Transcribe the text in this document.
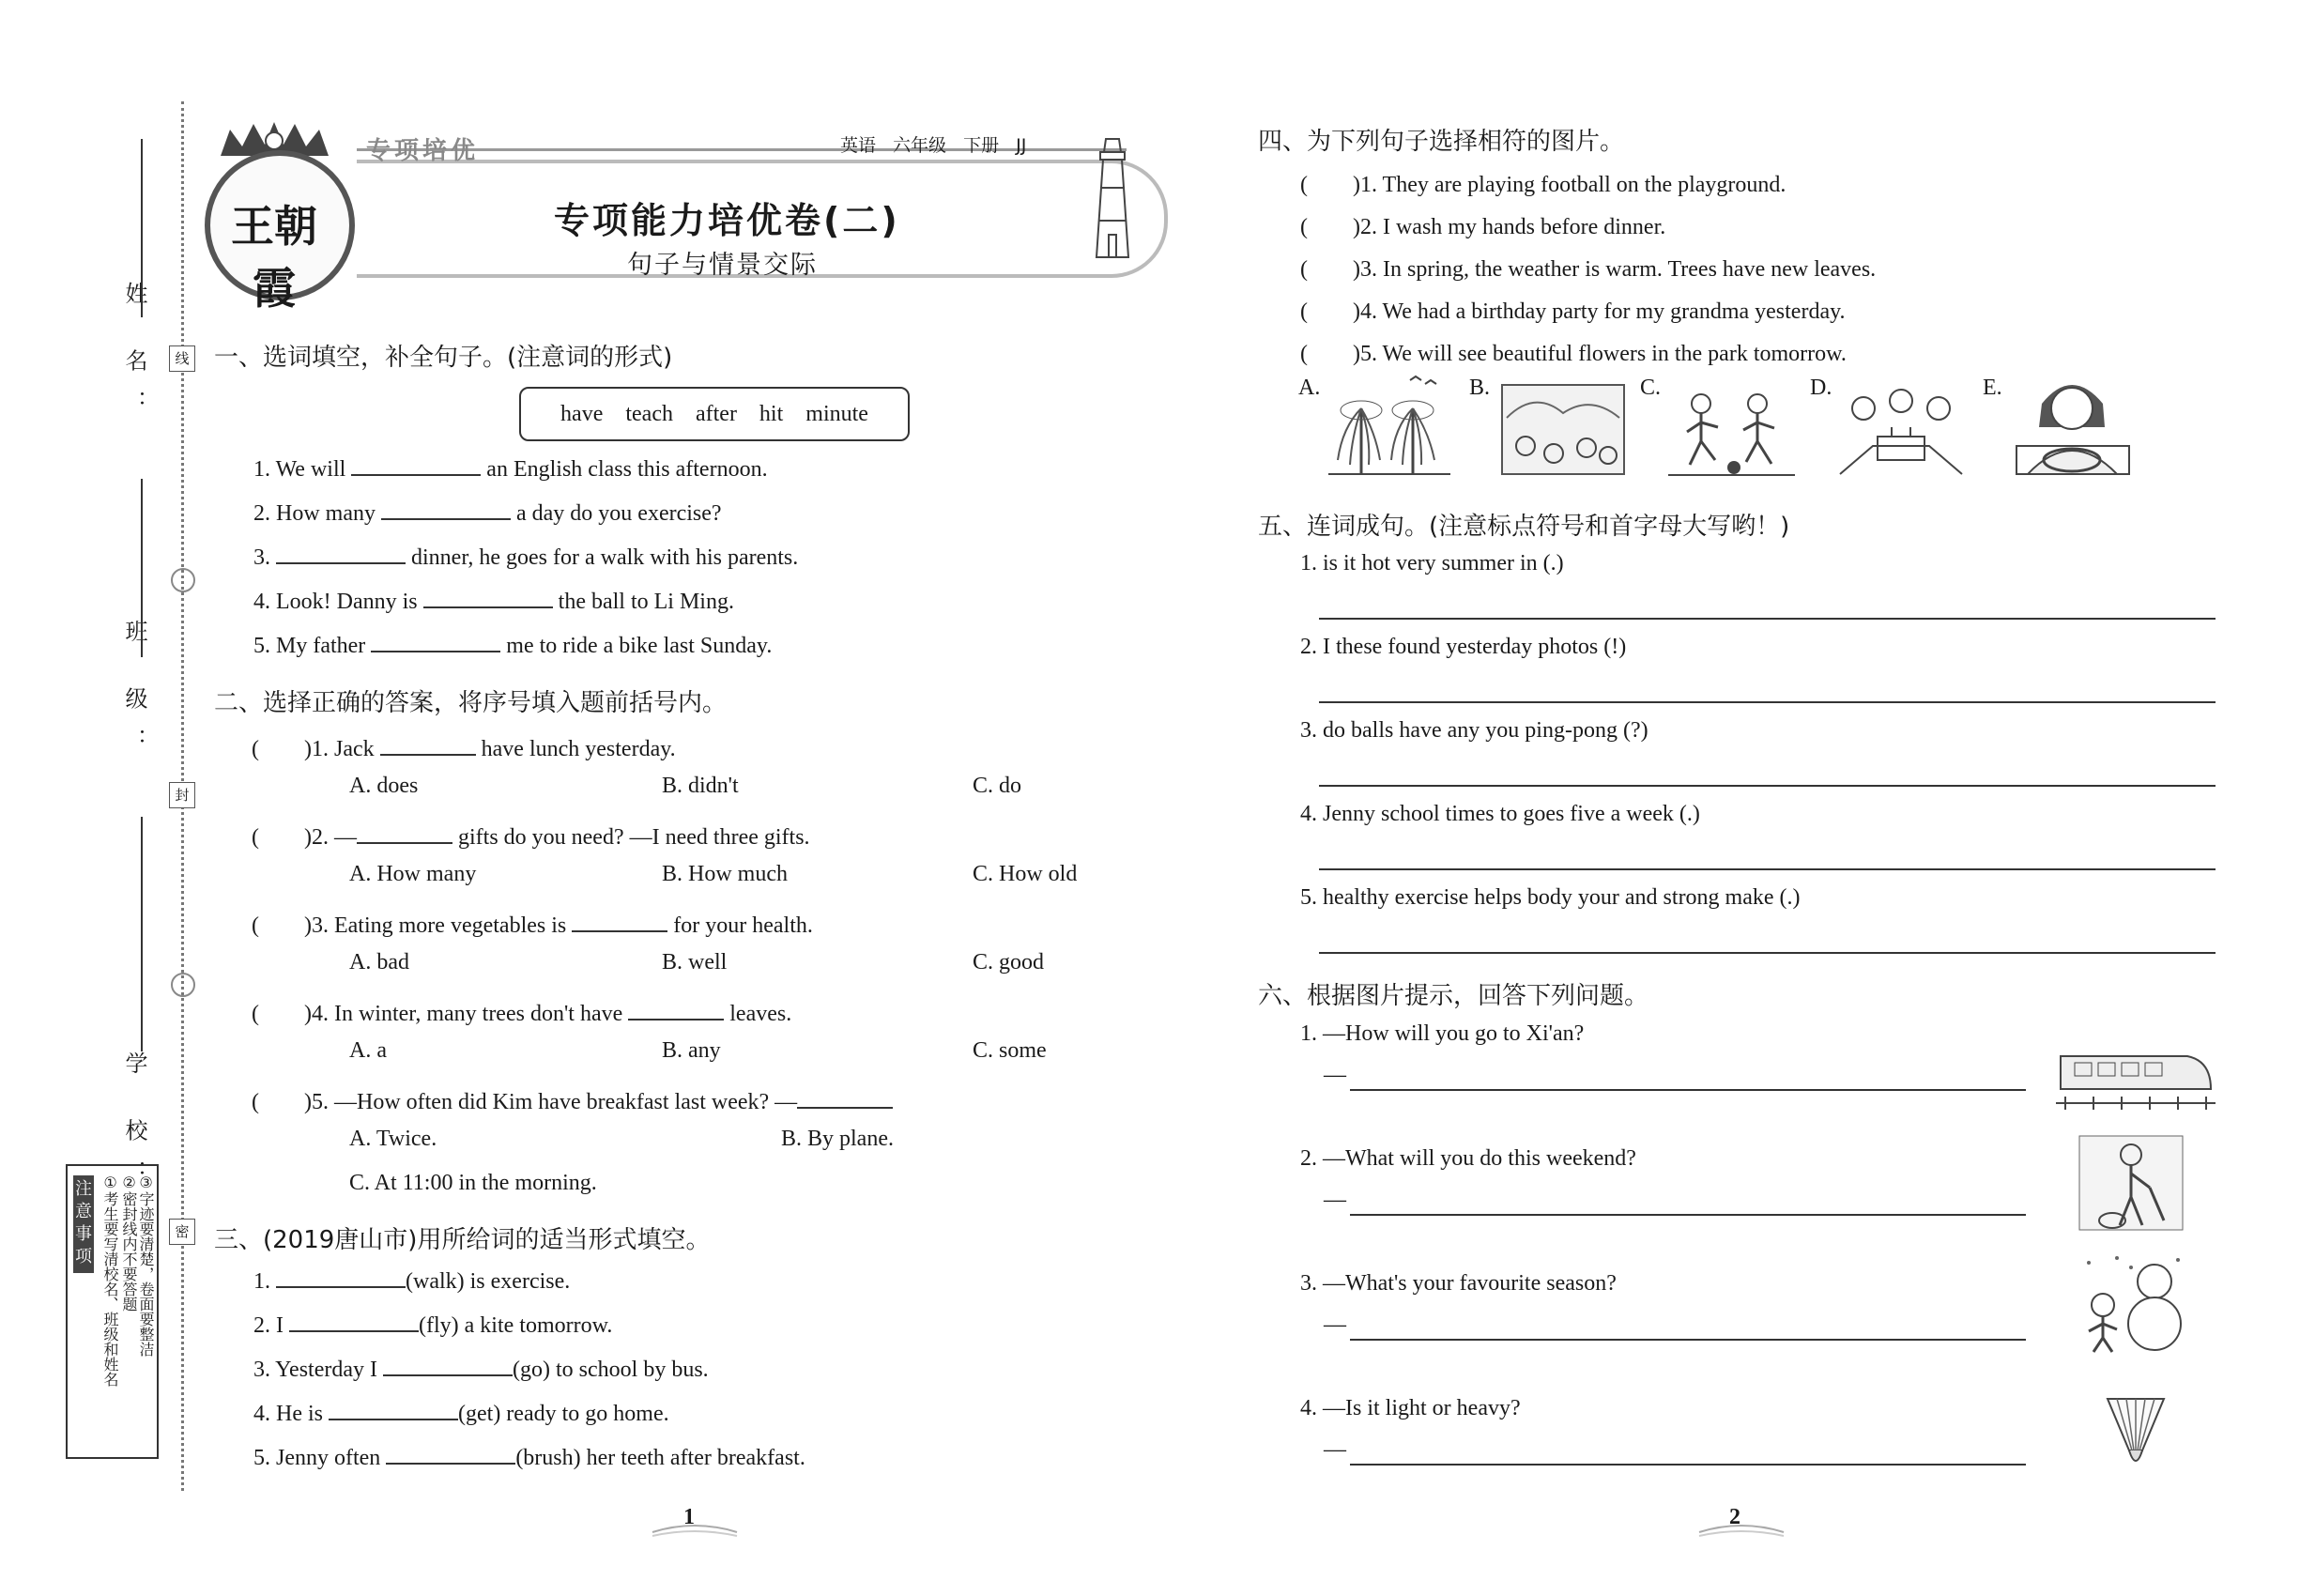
姓 名：
班 级：
学 校：
线
封
密
注意事项 ①考生要写清校名、班级和姓名 ②密封线内不要答题 ③字迹要清楚，卷面要整洁
王朝霞
专项培优	英语 六年级 下册 JJ
专项能力培优卷(二)
句子与情景交际
一、选词填空，补全句子。(注意词的形式)
have teach after hit minute
1. We will	an English class this afternoon.
2. How many	a day do you exercise?
3.	dinner, he goes for a walk with his parents.
4. Look! Danny is	the ball to Li Ming.
5. My father	me to ride a bike last Sunday.
二、选择正确的答案，将序号填入题前括号内。
(　　)1. Jack	have lunch yesterday.
A. does	B. didn't	C. do
(　　)2. —	gifts do you need? —I need three gifts.
A. How many	B. How much	C. How old
(　　)3. Eating more vegetables is	for your health.
A. bad	B. well	C. good
(　　)4. In winter, many trees don't have	leaves.
A. a	B. any	C. some
(　　)5. —How often did Kim have breakfast last week? —
A. Twice.	B. By plane.
C. At 11:00 in the morning.
三、(2019唐山市)用所给词的适当形式填空。
1.	(walk) is exercise.
2. I	(fly) a kite tomorrow.
3. Yesterday I	(go) to school by bus.
4. He is	(get) ready to go home.
5. Jenny often	(brush) her teeth after breakfast.
1
四、为下列句子选择相符的图片。
(　　)1. They are playing football on the playground.
(　　)2. I wash my hands before dinner.
(　　)3. In spring, the weather is warm. Trees have new leaves.
(　　)4. We had a birthday party for my grandma yesterday.
(　　)5. We will see beautiful flowers in the park tomorrow.
A.	B.	C.	D.	E.
五、连词成句。(注意标点符号和首字母大写哟！)
1. is it hot very summer in (.)
2. I these found yesterday photos (!)
3. do balls have any you ping-pong (?)
4. Jenny school times to goes five a week (.)
5. healthy exercise helps body your and strong make (.)
六、根据图片提示，回答下列问题。
1. —How will you go to Xi'an?
—
2. —What will you do this weekend?
—
3. —What's your favourite season?
—
4. —Is it light or heavy?
—
2
